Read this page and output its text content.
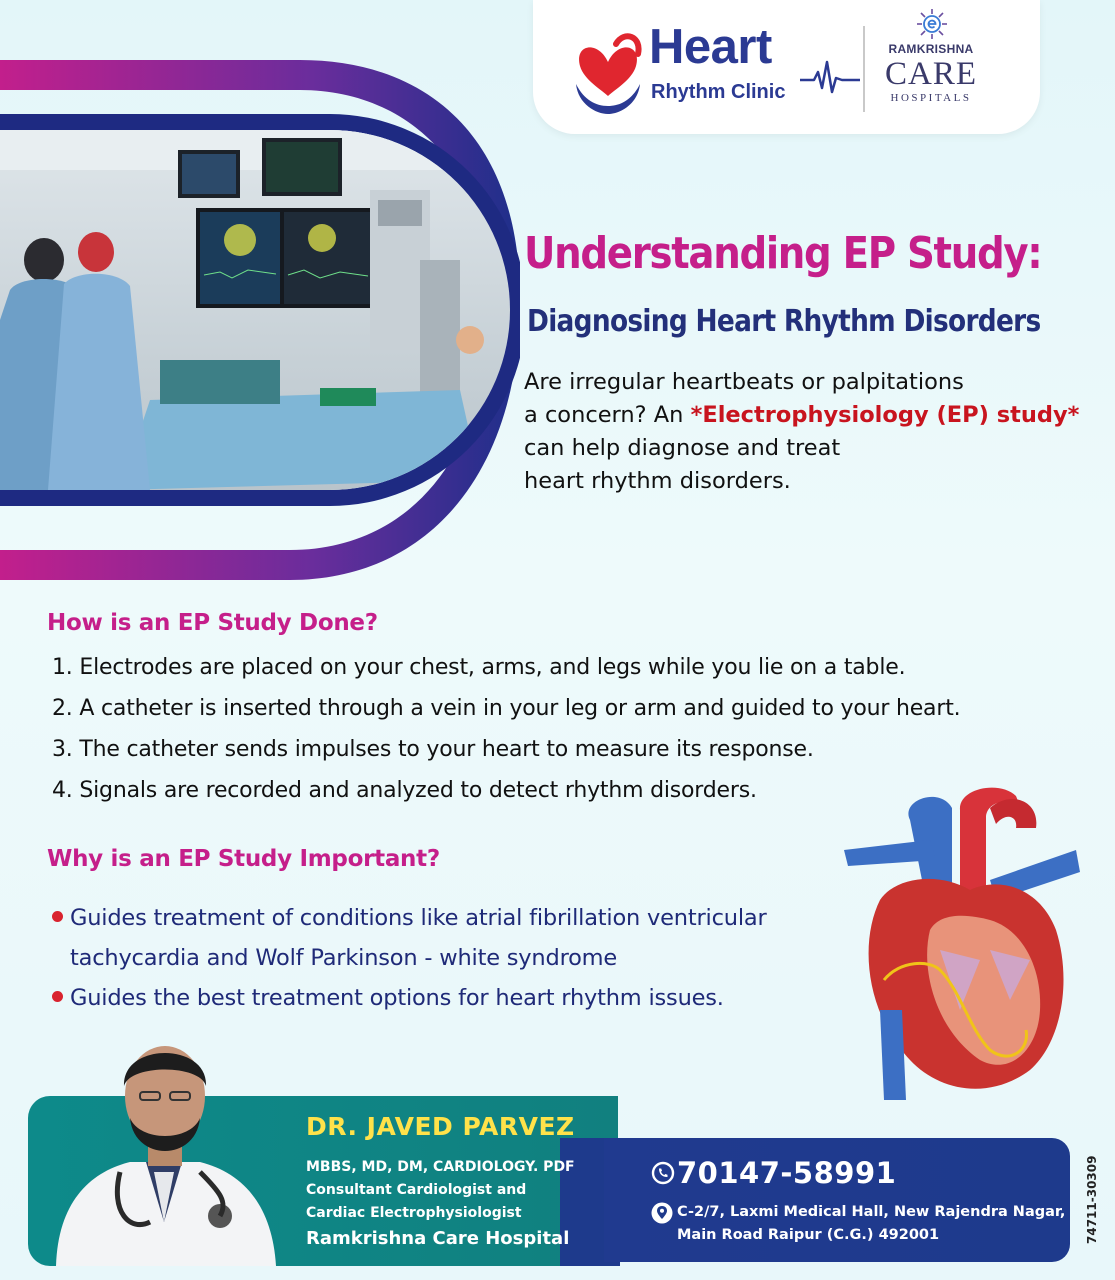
Heart
Rhythm Clinic
RAMKRISHNA
CARE
HOSPITALS
Understanding EP Study:
Diagnosing Heart Rhythm Disorders
Are irregular heartbeats or palpitations
a concern? An *Electrophysiology (EP) study*
can help diagnose and treat
heart rhythm disorders.
How is an EP Study Done?
1. Electrodes are placed on your chest, arms, and legs while you lie on a table.
2. A catheter is inserted through a vein in your leg or arm and guided to your heart.
3. The catheter sends impulses to your heart to measure its response.
4. Signals are recorded and analyzed to detect rhythm disorders.
Why is an EP Study Important?
Guides treatment of conditions like atrial fibrillation ventricular tachycardia and Wolf Parkinson - white syndrome
Guides the best treatment options for heart rhythm issues.
DR. JAVED PARVEZ
MBBS, MD, DM, CARDIOLOGY. PDF
Consultant Cardiologist and
Cardiac Electrophysiologist
Ramkrishna Care Hospital
70147-58991
C-2/7, Laxmi Medical Hall, New Rajendra Nagar,
Main Road Raipur (C.G.) 492001	74711-30309
